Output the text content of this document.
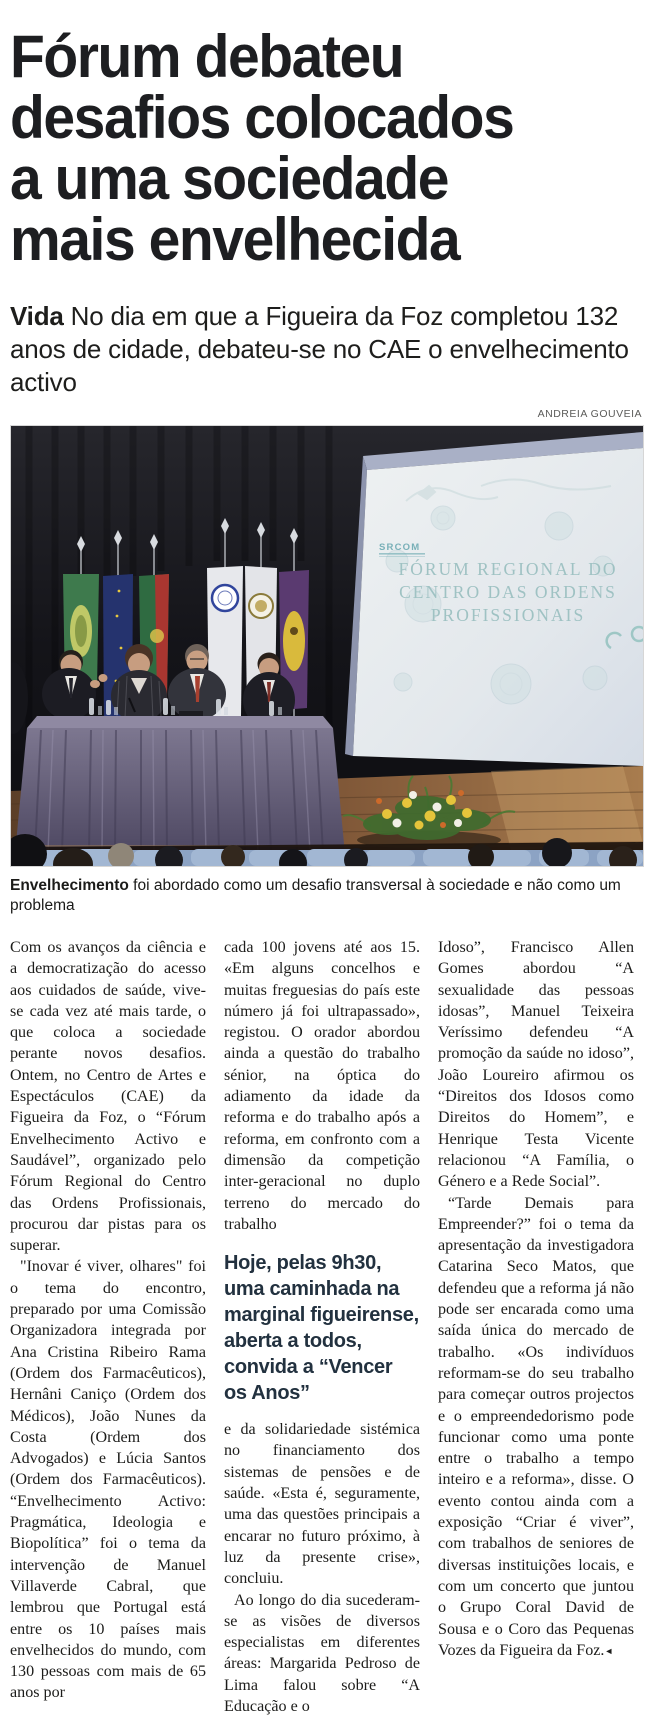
Fórum debateu
desafios colocados
a uma sociedade
mais envelhecida
Vida No dia em que a Figueira da Foz completou 132 anos de cidade, debateu-se no CAE o envelhecimento activo
ANDREIA GOUVEIA
SRCOM
FÓRUM REGIONAL DO
CENTRO DAS ORDENS
PROFISSIONAIS
Envelhecimento foi abordado como um desafio transversal à sociedade e não como um problema

Com os avanços da ciência e a democratização do acesso aos cuidados de saúde, vive-se cada vez até mais tarde, o que coloca a sociedade perante novos desafios. Ontem, no Centro de Artes e Espectáculos (CAE) da Figueira da Foz, o “Fórum Envelhecimento Activo e Saudável”, organizado pelo Fórum Regional do Centro das Ordens Profissionais, procurou dar pistas para os superar.

"Inovar é viver, olhares" foi o tema do encontro, preparado por uma Comissão Organizadora integrada por Ana Cristina Ribeiro Rama (Ordem dos Farmacêuticos), Hernâni Caniço (Ordem dos Médicos), João Nunes da Costa (Ordem dos Advogados) e Lúcia Santos (Ordem dos Farmacêuticos). “Envelhecimento Activo: Pragmática, Ideologia e Biopolítica” foi o tema da intervenção de Manuel Villaverde Cabral, que lembrou que Portugal está entre os 10 países mais envelhecidos do mundo, com 130 pessoas com mais de 65 anos por

cada 100 jovens até aos 15. «Em alguns concelhos e muitas freguesias do país este número já foi ultrapassado», registou. O orador abordou ainda a questão do trabalho sénior, na óptica do adiamento da idade da reforma e do trabalho após a reforma, em confronto com a dimensão da competição inter-geracional no duplo terreno do mercado do trabalho

Hoje, pelas 9h30, uma caminhada na marginal figueirense, aberta a todos, convida a “Vencer os Anos”

e da solidariedade sistémica no financiamento dos sistemas de pensões e de saúde. «Esta é, seguramente, uma das questões principais a encarar no futuro próximo, à luz da presente crise», concluiu.

Ao longo do dia sucederam-se as visões de diversos especialistas em diferentes áreas: Margarida Pedroso de Lima falou sobre “A Educação e o

Idoso”, Francisco Allen Gomes abordou “A sexualidade das pessoas idosas”, Manuel Teixeira Veríssimo defendeu “A promoção da saúde no idoso”, João Loureiro afirmou os “Direitos dos Idosos como Direitos do Homem”, e Henrique Testa Vicente relacionou “A Família, o Género e a Rede Social”.

“Tarde Demais para Empreender?” foi o tema da apresentação da investigadora Catarina Seco Matos, que defendeu que a reforma já não pode ser encarada como uma saída única do mercado de trabalho. «Os indivíduos reformam-se do seu trabalho para começar outros projectos e o empreendedorismo pode funcionar como uma ponte entre o trabalho a tempo inteiro e a reforma», disse. O evento contou ainda com a exposição “Criar é viver”, com trabalhos de seniores de diversas instituições locais, e com um concerto que juntou o Grupo Coral David de Sousa e o Coro das Pequenas Vozes da Figueira da Foz.◄
